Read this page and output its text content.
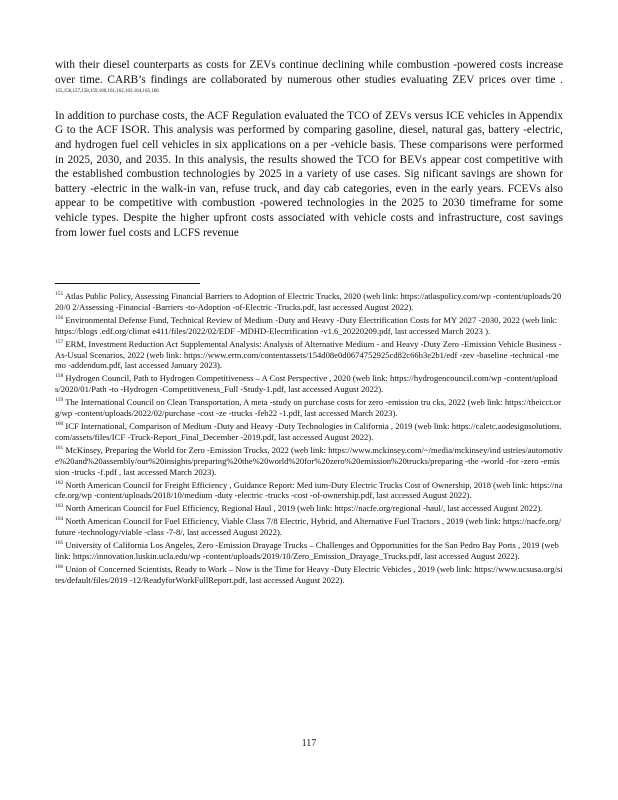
with their diesel counterparts as costs for ZEVs continue declining while combustion -powered costs increase over time. CARB’s findings are collaborated by numerous other studies evaluating ZEV prices over time . $^{155,156,157,158,159,160,161,162,163,164,165,166}$

In addition to purchase costs, the ACF Regulation evaluated the TCO of ZEVs versus ICE vehicles in Appendix G to the ACF ISOR. This analysis was performed by comparing gasoline, diesel, natural gas, battery -electric, and hydrogen fuel cell vehicles in six applications on a per -vehicle basis. These comparisons were performed in 2025, 2030, and 2035. In this analysis, the results showed the TCO for BEVs appear cost competitive with the established combustion technologies by 2025 in a variety of use cases. Sig nificant savings are shown for battery -electric in the walk-in van, refuse truck, and day cab categories, even in the early years. FCEVs also appear to be competitive with combustion -powered technologies in the 2025 to 2030 timeframe for some vehicle types. Despite the higher upfront costs associated with vehicle costs and infrastructure, cost savings from lower fuel costs and LCFS revenue

$^{155}$ Atlas Public Policy, Assessing Financial Barriers to Adoption of Electric Trucks, 2020 (web link: https://atlaspolicy.com/wp -content/uploads/2020/0 2/Assessing -Financial -Barriers -to-Adoption -of-Electric -Trucks.pdf, last accessed August 2022).
$^{156}$ Environmental Defense Fund, Technical Review of Medium -Duty and Heavy -Duty Electrification Costs for MY 2027 -2030, 2022 (web link: https://blogs .edf.org/climat e411/files/2022/02/EDF -MDHD-Electrification -v1.6_20220209.pdf, last accessed March 2023 ).
$^{157}$ ERM, Investment Reduction Act Supplemental Analysis: Analysis of Alternative Medium - and Heavy -Duty Zero -Emission Vehicle Business -As-Usual Scenarios, 2022 (web link: https://www.erm.com/contentassets/154d08e0d0674752925cd82c66b3e2b1/edf -zev -baseline -technical -memo -addendum.pdf, last accessed January 2023).
$^{158}$ Hydrogen Council, Path to Hydrogen Competitiveness – A Cost Perspective , 2020 (web link: https://hydrogencouncil.com/wp -content/uploads/2020/01/Path -to -Hydrogen -Competitiveness_Full -Study-1.pdf, last accessed August 2022).
$^{159}$ The International Council on Clean Transportation, A meta -study on purchase costs for zero -emission tru cks, 2022 (web link: https://theicct.org/wp -content/uploads/2022/02/purchase -cost -ze -trucks -feb22 -1.pdf, last accessed March 2023).
$^{160}$ ICF International, Comparison of Medium -Duty and Heavy -Duty Technologies in California , 2019 (web link: https://caletc.aodesignsolutions.com/assets/files/ICF -Truck-Report_Final_December -2019.pdf, last accessed August 2022).
$^{161}$ McKinsey, Preparing the World for Zero -Emission Trucks, 2022 (web link: https://www.mckinsey.com/~/media/mckinsey/ind ustries/automotive%20and%20assembly/our%20insights/preparing%20the%20world%20for%20zero%20emission%20trucks/preparing -the -world -for -zero -emission -trucks -f.pdf , last accessed March 2023).
$^{162}$ North American Council for Freight Efficiency , Guidance Report: Med ium-Duty Electric Trucks Cost of Ownership, 2018 (web link: https://nacfe.org/wp -content/uploads/2018/10/medium -duty -electric -trucks -cost -of-ownership.pdf, last accessed August 2022).
$^{163}$ North American Council for Fuel Efficiency, Regional Haul , 2019 (web link: https://nacfe.org/regional -haul/, last accessed August 2022).
$^{164}$ North American Council for Fuel Efficiency, Viable Class 7/8 Electric, Hybrid, and Alternative Fuel Tractors , 2019 (web link: https://nacfe.org/future -technology/viable -class -7-8/, last accessed August 2022).
$^{165}$ University of California Los Angeles, Zero -Emission Drayage Trucks – Challenges and Opportunities for the San Pedro Bay Ports , 2019 (web link: https://innovation.luskin.ucla.edu/wp -content/uploads/2019/10/Zero_Emission_Drayage_Trucks.pdf, last accessed August 2022).
$^{166}$ Union of Concerned Scientists, Ready to Work – Now is the Time for Heavy -Duty Electric Vehicles , 2019 (web link: https://www.ucsusa.org/sites/default/files/2019 -12/ReadyforWorkFullReport.pdf, last accessed August 2022).
117
